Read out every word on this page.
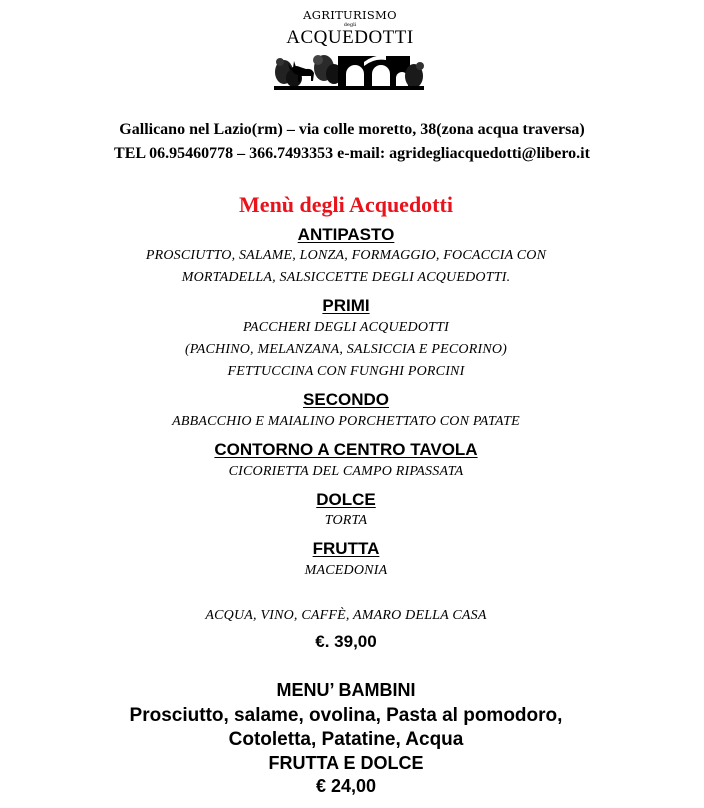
AGRITURISMO
degli
ACQUEDOTTI
Gallicano nel Lazio(rm) – via colle moretto, 38(zona acqua traversa)
TEL 06.95460778 – 366.7493353 e-mail: agridegliacquedotti@libero.it
Menù degli Acquedotti
ANTIPASTO
PROSCIUTTO, SALAME, LONZA, FORMAGGIO, FOCACCIA CON
MORTADELLA, SALSICCETTE DEGLI ACQUEDOTTI.
PRIMI
PACCHERI DEGLI ACQUEDOTTI
(PACHINO, MELANZANA, SALSICCIA E PECORINO)
FETTUCCINA CON FUNGHI PORCINI
SECONDO
ABBACCHIO E MAIALINO PORCHETTATO CON PATATE
CONTORNO A CENTRO TAVOLA
CICORIETTA DEL CAMPO RIPASSATA
DOLCE
TORTA
FRUTTA
MACEDONIA
ACQUA, VINO, CAFFÈ, AMARO DELLA CASA
€. 39,00
MENU’ BAMBINI
Prosciutto, salame, ovolina, Pasta al pomodoro,
Cotoletta, Patatine, Acqua
FRUTTA E DOLCE
€ 24,00
